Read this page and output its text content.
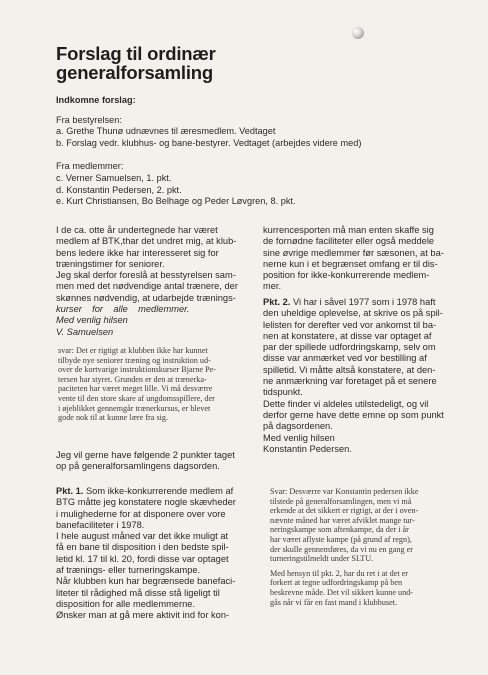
Forslag til ordinær
generalforsamling

Indkomne forslag:

Fra bestyrelsen:

a. Grethe Thunø udnævnes til æresmedlem. Vedtaget

b. Forslag vedr. klubhus- og bane-bestyrer. Vedtaget (arbejdes videre med)

Fra medlemmer:

c. Verner Samuelsen, 1. pkt.

d. Konstantin Pedersen, 2. pkt.

e. Kurt Christiansen, Bo Belhage og Peder Løvgren, 8. pkt.

I de ca. otte år undertegnede har været

medlem af BTK,thar det undret mig, at klub-

bens ledere ikke har interesseret sig for

træningstimer for seniorer.

Jeg skal derfor foreslå at besstyrelsen sam-

men med det nødvendige antal trænere, der

skønnes nødvendig, at udarbejde trænings-

kurser    for    alle    medlemmer.

Med venlig hilsen

V. Samuelsen

svar: Det er rigtigt at klubben ikke har kunnet

tilbyde nye seniorer træning og instruktion ud-

over de kortvarige instruktionskurser Bjarne Pe-

tersen har styret. Grunden er den at trænerka-

paciteten har været meget lille. Vi må desværre

vente til den store skare af ungdomsspillere, der

i øjeblikket gennemgår trænerkursus, er blevet

gode nok til at kunne lære fra sig.

Jeg vil gerne have følgende 2 punkter taget

op på generalforsamlingens dagsorden.

Pkt. 1. Som ikke-konkurrerende medlem af

BTG måtte jeg konstatere nogle skævheder

i mulighederne for at disponere over vore

banefaciliteter i 1978.

I hele august måned var det ikke muligt at

få en bane til disposition i den bedste spil-

letid kl. 17 til kl. 20, fordi disse var optaget

af trænings- eller turneringskampe.

Når klubben kun har begrænsede banefaci-

liteter til rådighed må disse stå ligeligt til

disposition for alle medlemmerne.

Ønsker man at gå mere aktivit ind for kon-

kurrencesporten må man enten skaffe sig

de fornødne faciliteter eller også meddele

sine øvrige medlemmer før sæsonen, at ba-

nerne kun i et begrænset omfang er til dis-

position for ikke-konkurrerende medlem-

mer.

Pkt. 2. Vi har i såvel 1977 som i 1978 haft

den uheldige oplevelse, at skrive os på spil-

lelisten for derefter ved vor ankomst til ba-

nen at konstatere, at disse var optaget af

par der spillede udfordringskamp, selv om

disse var anmærket ved vor bestilling af

spilletid. Vi måtte altså konstatere, at den-

ne anmærkning var foretaget på et senere

tidspunkt.

Dette finder vi aldeles utilstedeligt, og vil

derfor gerne have dette emne op som punkt

på dagsordenen.

Med venlig hilsen

Konstantin Pedersen.

Svar: Desværre var Konstantin pedersen ikke

tilstede på generalforsamlingen, men vi må

erkende at det sikkert er rigtigt, at der i oven-

nævnte måned har været afviklet mange tur-

neringskampe som aftenkampe, da der i år

har været aflyste kampe (på grund af regn),

der skulle gennemføres, da vi nu en gang er

turneringstilmeldt under SLTU.

Med hensyn til pkt. 2, har du ret i at det er

forkert at tegne udfordringskamp på ben

beskrevne måde. Det vil sikkert kunne und-

gås når vi får en fast mand i klubhuset.
